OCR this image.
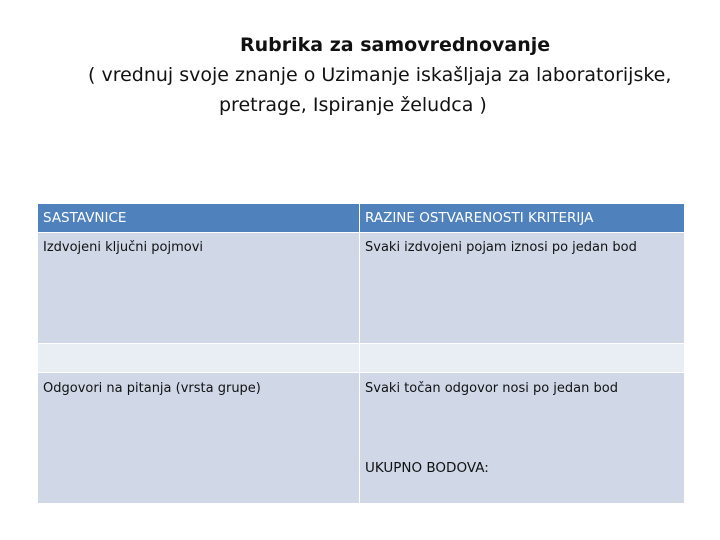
Rubrika za samovrednovanje
( vrednuj svoje znanje o Uzimanje iskašljaja za laboratorijske,
pretrage, Ispiranje želudca )
SASTAVNICE	RAZINE OSTVARENOSTI KRITERIJA
Izdvojeni ključni pojmovi	Svaki izdvojeni pojam iznosi po jedan bod

Odgovori na pitanja (vrsta grupe)	Svaki točan odgovor nosi po jedan bod
UKUPNO BODOVA:
